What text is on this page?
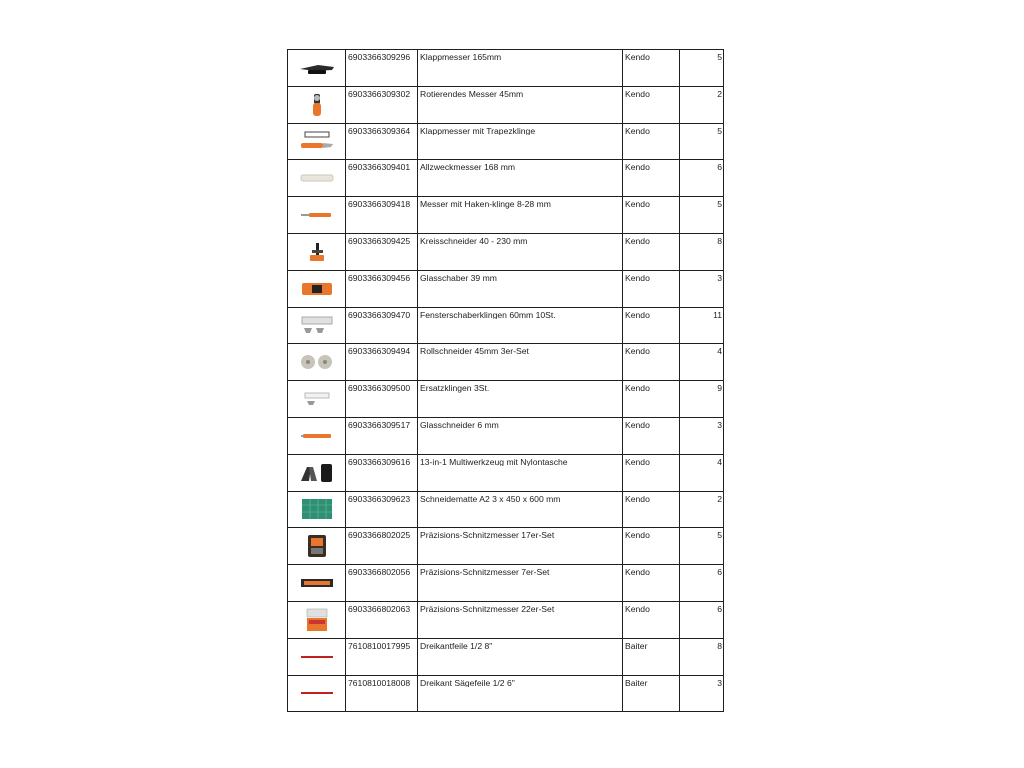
6903366309296	Klappmesser 165mm	Kendo	5

6903366309302	Rotierendes Messer 45mm	Kendo	2

6903366309364	Klappmesser mit Trapezklinge	Kendo	5

6903366309401	Allzweckmesser 168 mm	Kendo	6

6903366309418	Messer mit Haken-klinge 8-28 mm	Kendo	5

6903366309425	Kreisschneider 40 - 230 mm	Kendo	8

6903366309456	Glasschaber 39 mm	Kendo	3

6903366309470	Fensterschaberklingen 60mm 10St.	Kendo	11

6903366309494	Rollschneider 45mm 3er-Set	Kendo	4

6903366309500	Ersatzklingen 3St.	Kendo	9

6903366309517	Glasschneider 6 mm	Kendo	3

6903366309616	13-in-1 Multiwerkzeug mit Nylontasche	Kendo	4

6903366309623	Schneidematte A2 3 x 450 x 600 mm	Kendo	2

6903366802025	Präzisions-Schnitzmesser 17er-Set	Kendo	5

6903366802056	Präzisions-Schnitzmesser 7er-Set	Kendo	6

6903366802063	Präzisions-Schnitzmesser 22er-Set	Kendo	6

7610810017995	Dreikantfeile 1/2 8"	Baiter	8

7610810018008	Dreikant Sägefeile 1/2 6"	Baiter	3
